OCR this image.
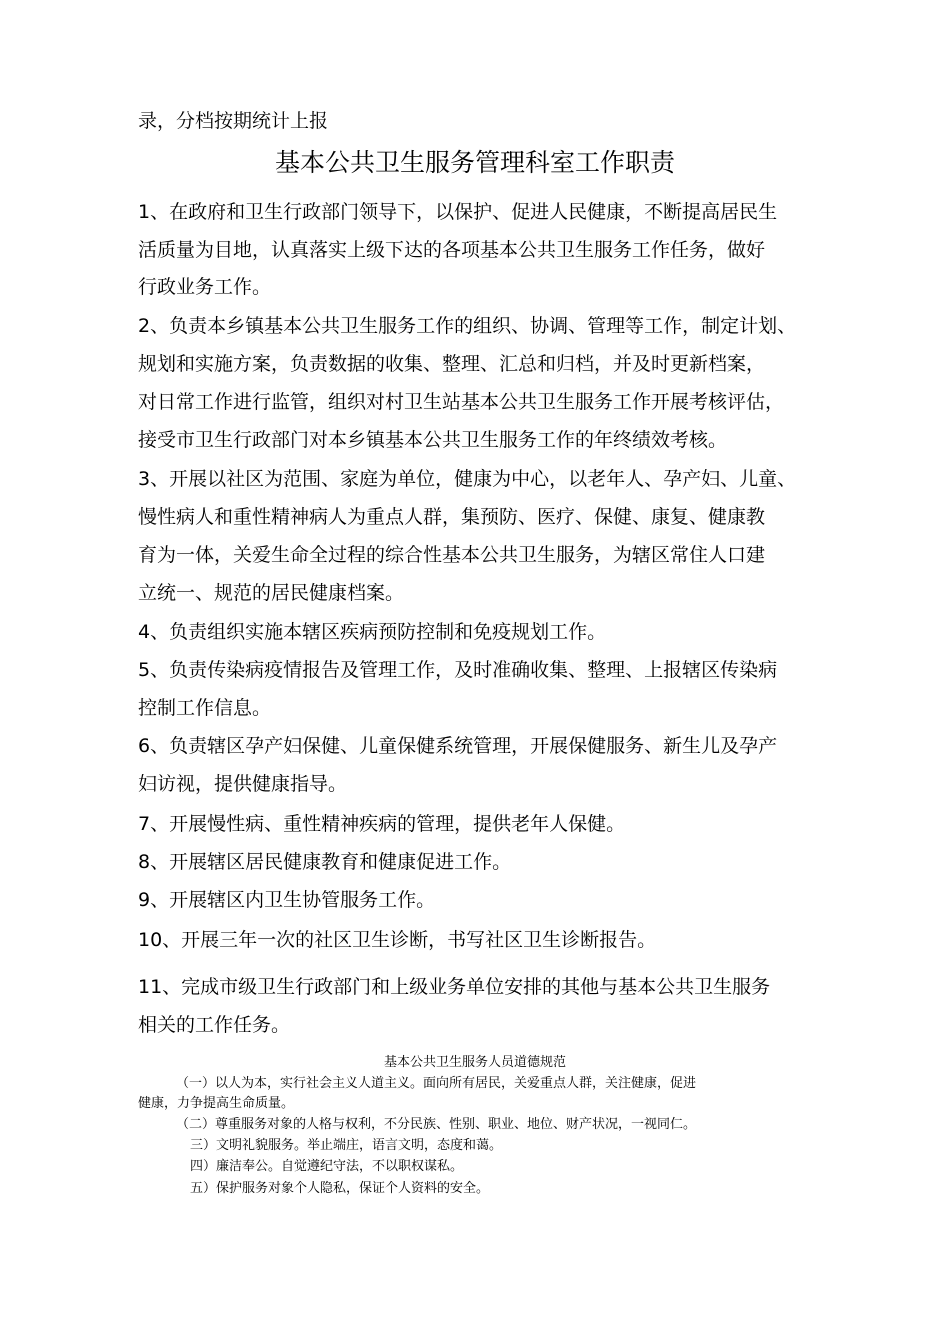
录，分档按期统计上报
基本公共卫生服务管理科室工作职责
1、在政府和卫生行政部门领导下，以保护、促进人民健康，不断提高居民生
活质量为目地，认真落实上级下达的各项基本公共卫生服务工作任务，做好
行政业务工作。
2、负责本乡镇基本公共卫生服务工作的组织、协调、管理等工作，制定计划、
规划和实施方案，负责数据的收集、整理、汇总和归档，并及时更新档案，
对日常工作进行监管，组织对村卫生站基本公共卫生服务工作开展考核评估，
接受市卫生行政部门对本乡镇基本公共卫生服务工作的年终绩效考核。
3、开展以社区为范围、家庭为单位，健康为中心，以老年人、孕产妇、儿童、
慢性病人和重性精神病人为重点人群，集预防、医疗、保健、康复、健康教
育为一体，关爱生命全过程的综合性基本公共卫生服务，为辖区常住人口建
立统一、规范的居民健康档案。
4、负责组织实施本辖区疾病预防控制和免疫规划工作。
5、负责传染病疫情报告及管理工作，及时准确收集、整理、上报辖区传染病
控制工作信息。
6、负责辖区孕产妇保健、儿童保健系统管理，开展保健服务、新生儿及孕产
妇访视，提供健康指导。
7、开展慢性病、重性精神疾病的管理，提供老年人保健。
8、开展辖区居民健康教育和健康促进工作。
9、开展辖区内卫生协管服务工作。
10、开展三年一次的社区卫生诊断，书写社区卫生诊断报告。
11、完成市级卫生行政部门和上级业务单位安排的其他与基本公共卫生服务
相关的工作任务。
基本公共卫生服务人员道德规范
（一）以人为本，实行社会主义人道主义。面向所有居民，关爱重点人群，关注健康，促进
健康，力争提高生命质量。
（二）尊重服务对象的人格与权利，不分民族、性别、职业、地位、财产状况，一视同仁。
三）文明礼貌服务。举止端庄，语言文明，态度和蔼。
四）廉洁奉公。自觉遵纪守法，不以职权谋私。
五）保护服务对象个人隐私，保证个人资料的安全。
